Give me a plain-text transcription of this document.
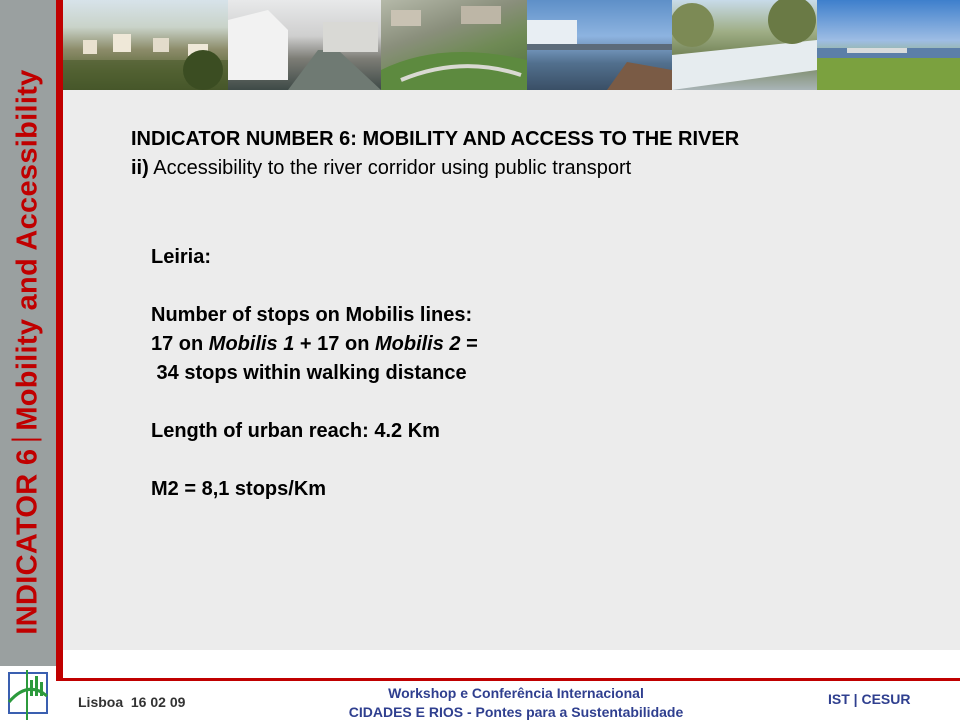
INDICATOR 6Mobility and Accessibility	INDICATOR NUMBER 6: MOBILITY AND ACCESS TO THE RIVER
ii) Accessibility to the river corridor using public transport
Leiria:
Number of stops on Mobilis lines:
17 on Mobilis 1 + 17 on Mobilis 2 =
34 stops within walking distance
Length of urban reach: 4.2 Km
M2 = 8,1 stops/Km
Lisboa  16 02 09
Workshop e Conferência Internacional
CIDADES E RIOS - Pontes para a Sustentabilidade
IST | CESUR
